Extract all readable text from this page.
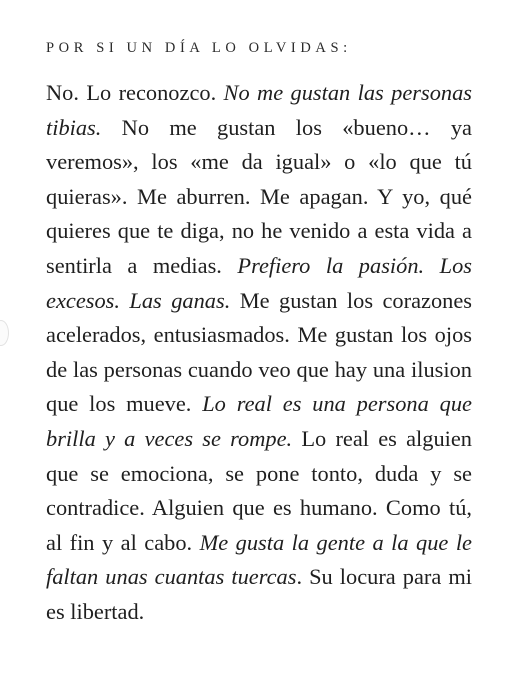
POR SI UN DÍA LO OLVIDAS:

No. Lo reconozco. No me gustan las personas tibias. No me gustan los «bueno… ya veremos», los «me da igual» o «lo que tú quieras». Me aburren. Me apagan. Y yo, qué quieres que te diga, no he venido a esta vida a sentirla a medias. Prefiero la pasión. Los excesos. Las ganas. Me gustan los corazones acelerados, entusiasmados. Me gustan los ojos de las personas cuando veo que hay una ilusion que los mueve. Lo real es una persona que brilla y a veces se rompe. Lo real es alguien que se emociona, se pone tonto, duda y se contradice. Alguien que es humano. Como tú, al fin y al cabo. Me gusta la gente a la que le faltan unas cuantas tuercas. Su locura para mi es libertad.
